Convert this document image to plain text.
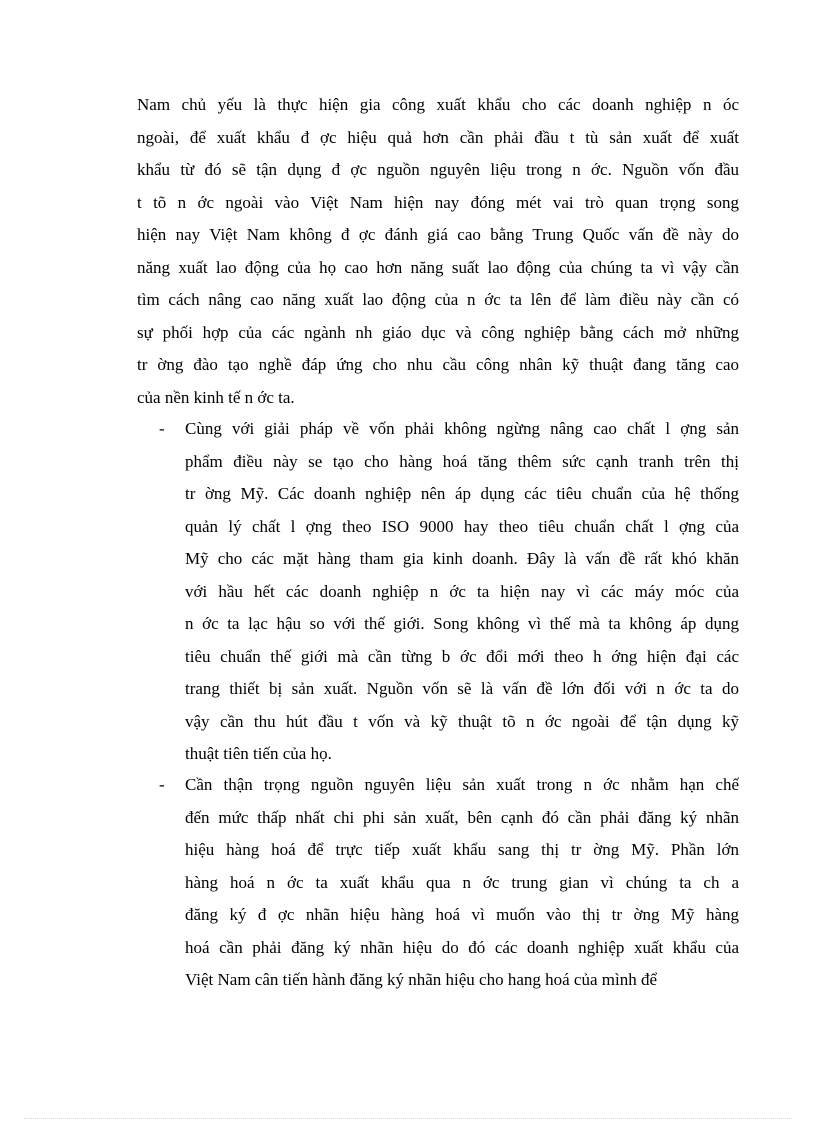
Nam chủ yếu là thực hiện gia công xuất khẩu cho các doanh nghiệp n óc
ngoài, để xuất khẩu đ ợc hiệu quả hơn cần phải đầu t tù sản xuất để xuất
khẩu từ đó sẽ tận dụng đ ợc nguồn nguyên liệu trong n ớc. Nguồn vốn đầu
t tõ n ớc ngoài vào Việt Nam hiện nay đóng mét vai trò quan trọng song
hiện nay Việt Nam không đ ợc đánh giá cao bằng Trung Quốc vấn đề này do
năng xuất lao động của họ cao hơn năng suất lao động của chúng ta vì vậy cần
tìm cách nâng cao năng xuất lao động của n ớc ta lên để làm điều này cần có
sự phối hợp của các ngành nh giáo dục và công nghiệp bằng cách mở những
tr ờng đào tạo nghề đáp ứng cho nhu cầu công nhân kỹ thuật đang tăng cao
của nền kinh tế n ớc ta.
-	Cùng với giải pháp về vốn phải không ngừng nâng cao chất l ợng sản
phẩm điều này se tạo cho hàng hoá tăng thêm sức cạnh tranh trên thị
tr ờng Mỹ. Các doanh nghiệp nên áp dụng các tiêu chuẩn của hệ thống
quản lý chất l ợng theo ISO 9000 hay theo tiêu chuẩn chất l ợng của
Mỹ cho các mặt hàng tham gia kinh doanh. Đây là vấn đề rất khó khăn
với hầu hết các doanh nghiệp n ớc ta hiện nay vì các máy móc của
n ớc ta lạc hậu so với thế giới. Song không vì thế mà ta không áp dụng
tiêu chuẩn thế giới mà cần từng b ớc đổi mới theo h ớng hiện đại các
trang thiết bị sản xuất. Nguồn vốn sẽ là vấn đề lớn đối với n ớc ta do
vậy cần thu hút đầu t vốn và kỹ thuật tõ n ớc ngoài để tận dụng kỹ
thuật tiên tiến của họ.
-	Cần thận trọng nguồn nguyên liệu sản xuất trong n ớc nhằm hạn chế
đến mức thấp nhất chi phi sản xuất, bên cạnh đó cần phải đăng ký nhãn
hiệu hàng hoá để trực tiếp xuất khẩu sang thị tr ờng Mỹ. Phần lớn
hàng hoá n ớc ta xuất khẩu qua n ớc trung gian vì chúng ta ch a
đăng ký đ ợc nhãn hiệu hàng hoá vì muốn vào thị tr ờng Mỹ hàng
hoá cần phải đăng ký nhãn hiệu do đó các doanh nghiệp xuất khẩu của
Việt Nam cân tiến hành đăng ký nhãn hiệu cho hang hoá của mình để
